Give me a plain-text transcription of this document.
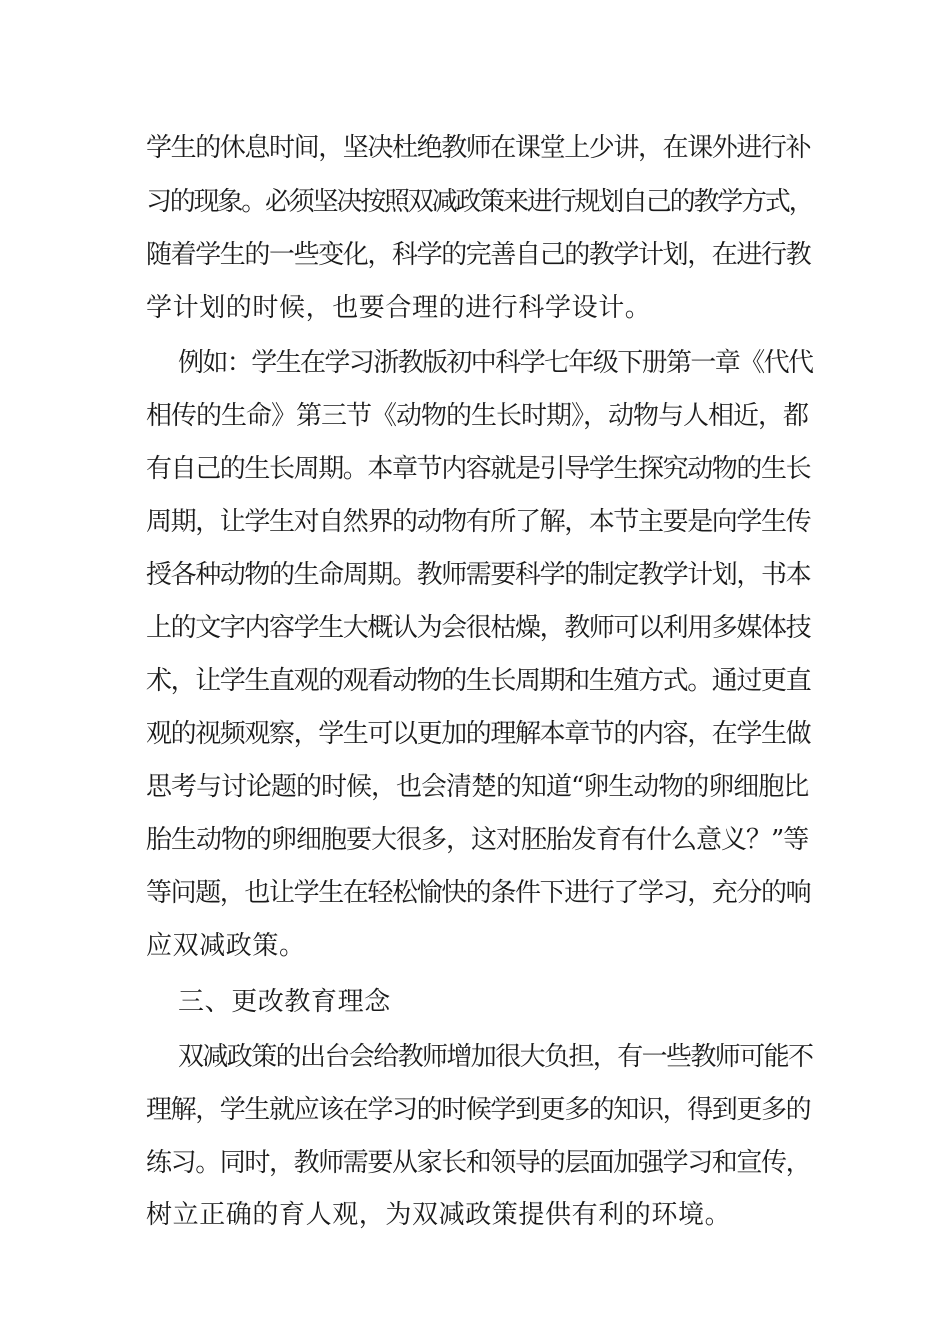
学生的休息时间，坚决杜绝教师在课堂上少讲，在课外进行补
习的现象。必须坚决按照双减政策来进行规划自己的教学方式，
随着学生的一些变化，科学的完善自己的教学计划，在进行教
学计划的时候，也要合理的进行科学设计。
例如：学生在学习浙教版初中科学七年级下册第一章《代代
相传的生命》第三节《动物的生长时期》，动物与人相近，都
有自己的生长周期。本章节内容就是引导学生探究动物的生长
周期，让学生对自然界的动物有所了解，本节主要是向学生传
授各种动物的生命周期。教师需要科学的制定教学计划，书本
上的文字内容学生大概认为会很枯燥，教师可以利用多媒体技
术，让学生直观的观看动物的生长周期和生殖方式。通过更直
观的视频观察，学生可以更加的理解本章节的内容，在学生做
思考与讨论题的时候，也会清楚的知道“卵生动物的卵细胞比
胎生动物的卵细胞要大很多，这对胚胎发育有什么意义？”等
等问题，也让学生在轻松愉快的条件下进行了学习，充分的响
应双减政策。
三、更改教育理念
双减政策的出台会给教师增加很大负担，有一些教师可能不
理解，学生就应该在学习的时候学到更多的知识，得到更多的
练习。同时，教师需要从家长和领导的层面加强学习和宣传，
树立正确的育人观，为双减政策提供有利的环境。
